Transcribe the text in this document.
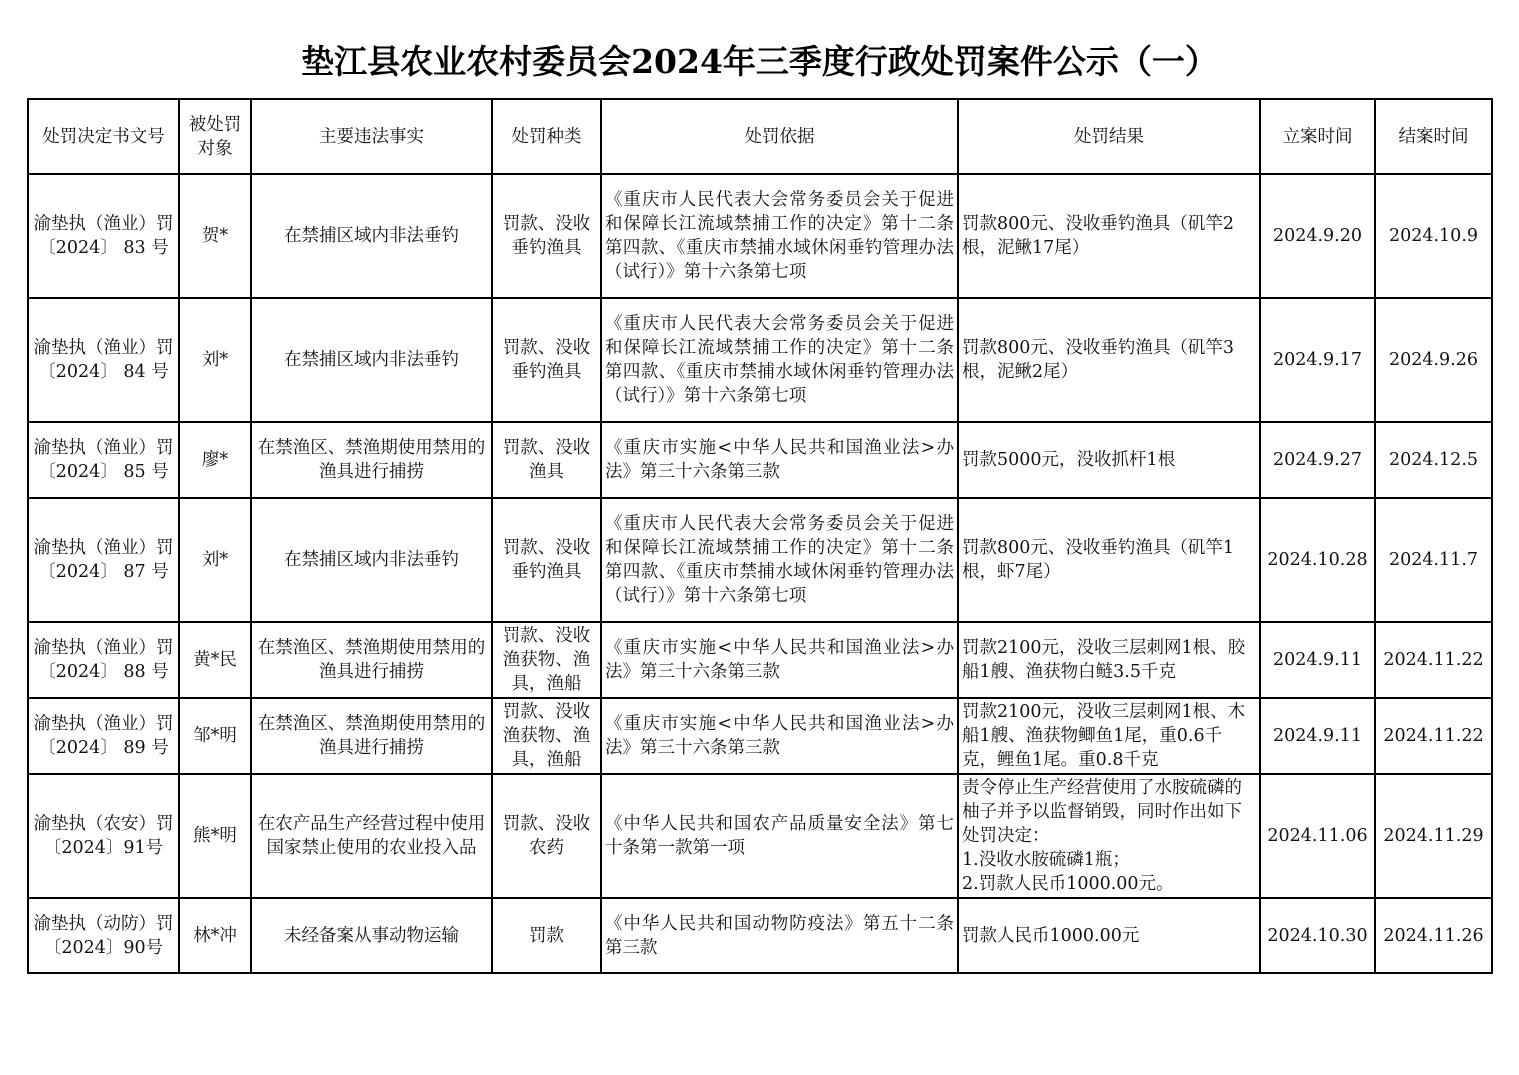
垫江县农业农村委员会2024年三季度行政处罚案件公示（一）
处罚决定书文号	被处罚对象	主要违法事实	处罚种类	处罚依据	处罚结果	立案时间	结案时间
渝垫执（渔业）罚〔2024〕 83 号	贺*	在禁捕区域内非法垂钓	罚款、没收垂钓渔具	《重庆市人民代表大会常务委员会关于促进和保障长江流域禁捕工作的决定》第十二条第四款、《重庆市禁捕水域休闲垂钓管理办法（试行）》第十六条第七项	罚款800元、没收垂钓渔具（矶竿2根，泥鳅17尾）	2024.9.20	2024.10.9
渝垫执（渔业）罚〔2024〕 84 号	刘*	在禁捕区域内非法垂钓	罚款、没收垂钓渔具	《重庆市人民代表大会常务委员会关于促进和保障长江流域禁捕工作的决定》第十二条第四款、《重庆市禁捕水域休闲垂钓管理办法（试行）》第十六条第七项	罚款800元、没收垂钓渔具（矶竿3根，泥鳅2尾）	2024.9.17	2024.9.26
渝垫执（渔业）罚〔2024〕 85 号	廖*	在禁渔区、禁渔期使用禁用的渔具进行捕捞	罚款、没收渔具	《重庆市实施<中华人民共和国渔业法>办法》第三十六条第三款	罚款5000元，没收抓杆1根	2024.9.27	2024.12.5
渝垫执（渔业）罚〔2024〕 87 号	刘*	在禁捕区域内非法垂钓	罚款、没收垂钓渔具	《重庆市人民代表大会常务委员会关于促进和保障长江流域禁捕工作的决定》第十二条第四款、《重庆市禁捕水域休闲垂钓管理办法（试行）》第十六条第七项	罚款800元、没收垂钓渔具（矶竿1根，虾7尾）	2024.10.28	2024.11.7
渝垫执（渔业）罚〔2024〕 88 号	黄*民	在禁渔区、禁渔期使用禁用的渔具进行捕捞	罚款、没收渔获物、渔具，渔船	《重庆市实施<中华人民共和国渔业法>办法》第三十六条第三款	罚款2100元，没收三层刺网1根、胶船1艘、渔获物白鲢3.5千克	2024.9.11	2024.11.22
渝垫执（渔业）罚〔2024〕 89 号	邹*明	在禁渔区、禁渔期使用禁用的渔具进行捕捞	罚款、没收渔获物、渔具，渔船	《重庆市实施<中华人民共和国渔业法>办法》第三十六条第三款	罚款2100元，没收三层刺网1根、木船1艘、渔获物鲫鱼1尾，重0.6千克，鲤鱼1尾。重0.8千克	2024.9.11	2024.11.22
渝垫执（农安）罚〔2024〕91号	熊*明	在农产品生产经营过程中使用国家禁止使用的农业投入品	罚款、没收农药	《中华人民共和国农产品质量安全法》第七十条第一款第一项	责令停止生产经营使用了水胺硫磷的柚子并予以监督销毁，同时作出如下处罚决定：
1.没收水胺硫磷1瓶；
2.罚款人民币1000.00元。	2024.11.06	2024.11.29
渝垫执（动防）罚〔2024〕90号	林*冲	未经备案从事动物运输	罚款	《中华人民共和国动物防疫法》第五十二条第三款	罚款人民币1000.00元	2024.10.30	2024.11.26
